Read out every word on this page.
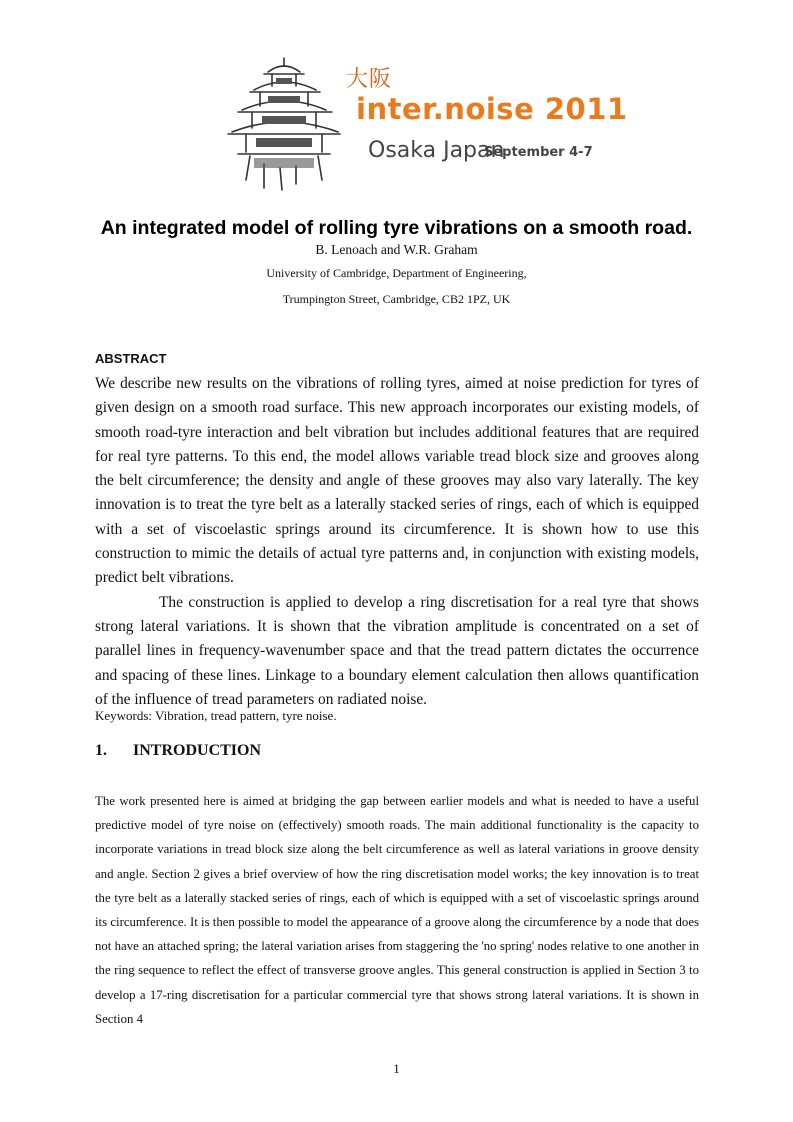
大阪
inter.noise 2011
Osaka Japan
September 4-7
An integrated model of rolling tyre vibrations on a smooth road.
B. Lenoach and W.R. Graham
University of Cambridge, Department of Engineering,
Trumpington Street, Cambridge, CB2 1PZ, UK
ABSTRACT

We describe new results on the vibrations of rolling tyres, aimed at noise prediction for tyres of given design on a smooth road surface. This new approach incorporates our existing models, of smooth road-tyre interaction and belt vibration but includes additional features that are required for real tyre patterns. To this end, the model allows variable tread block size and grooves along the belt circumference; the density and angle of these grooves may also vary laterally. The key innovation is to treat the tyre belt as a laterally stacked series of rings, each of which is equipped with a set of viscoelastic springs around its circumference. It is shown how to use this construction to mimic the details of actual tyre patterns and, in conjunction with existing models, predict belt vibrations.

The construction is applied to develop a ring discretisation for a real tyre that shows strong lateral variations. It is shown that the vibration amplitude is concentrated on a set of parallel lines in frequency-wavenumber space and that the tread pattern dictates the occurrence and spacing of these lines. Linkage to a boundary element calculation then allows quantification of the influence of tread parameters on radiated noise.

Keywords: Vibration, tread pattern, tyre noise.
1. INTRODUCTION

The work presented here is aimed at bridging the gap between earlier models and what is needed to have a useful predictive model of tyre noise on (effectively) smooth roads. The main additional functionality is the capacity to incorporate variations in tread block size along the belt circumference as well as lateral variations in groove density and angle. Section 2 gives a brief overview of how the ring discretisation model works; the key innovation is to treat the tyre belt as a laterally stacked series of rings, each of which is equipped with a set of viscoelastic springs around its circumference. It is then possible to model the appearance of a groove along the circumference by a node that does not have an attached spring; the lateral variation arises from staggering the 'no spring' nodes relative to one another in the ring sequence to reflect the effect of transverse groove angles. This general construction is applied in Section 3 to develop a 17-ring discretisation for a particular commercial tyre that shows strong lateral variations. It is shown in Section 4

1
